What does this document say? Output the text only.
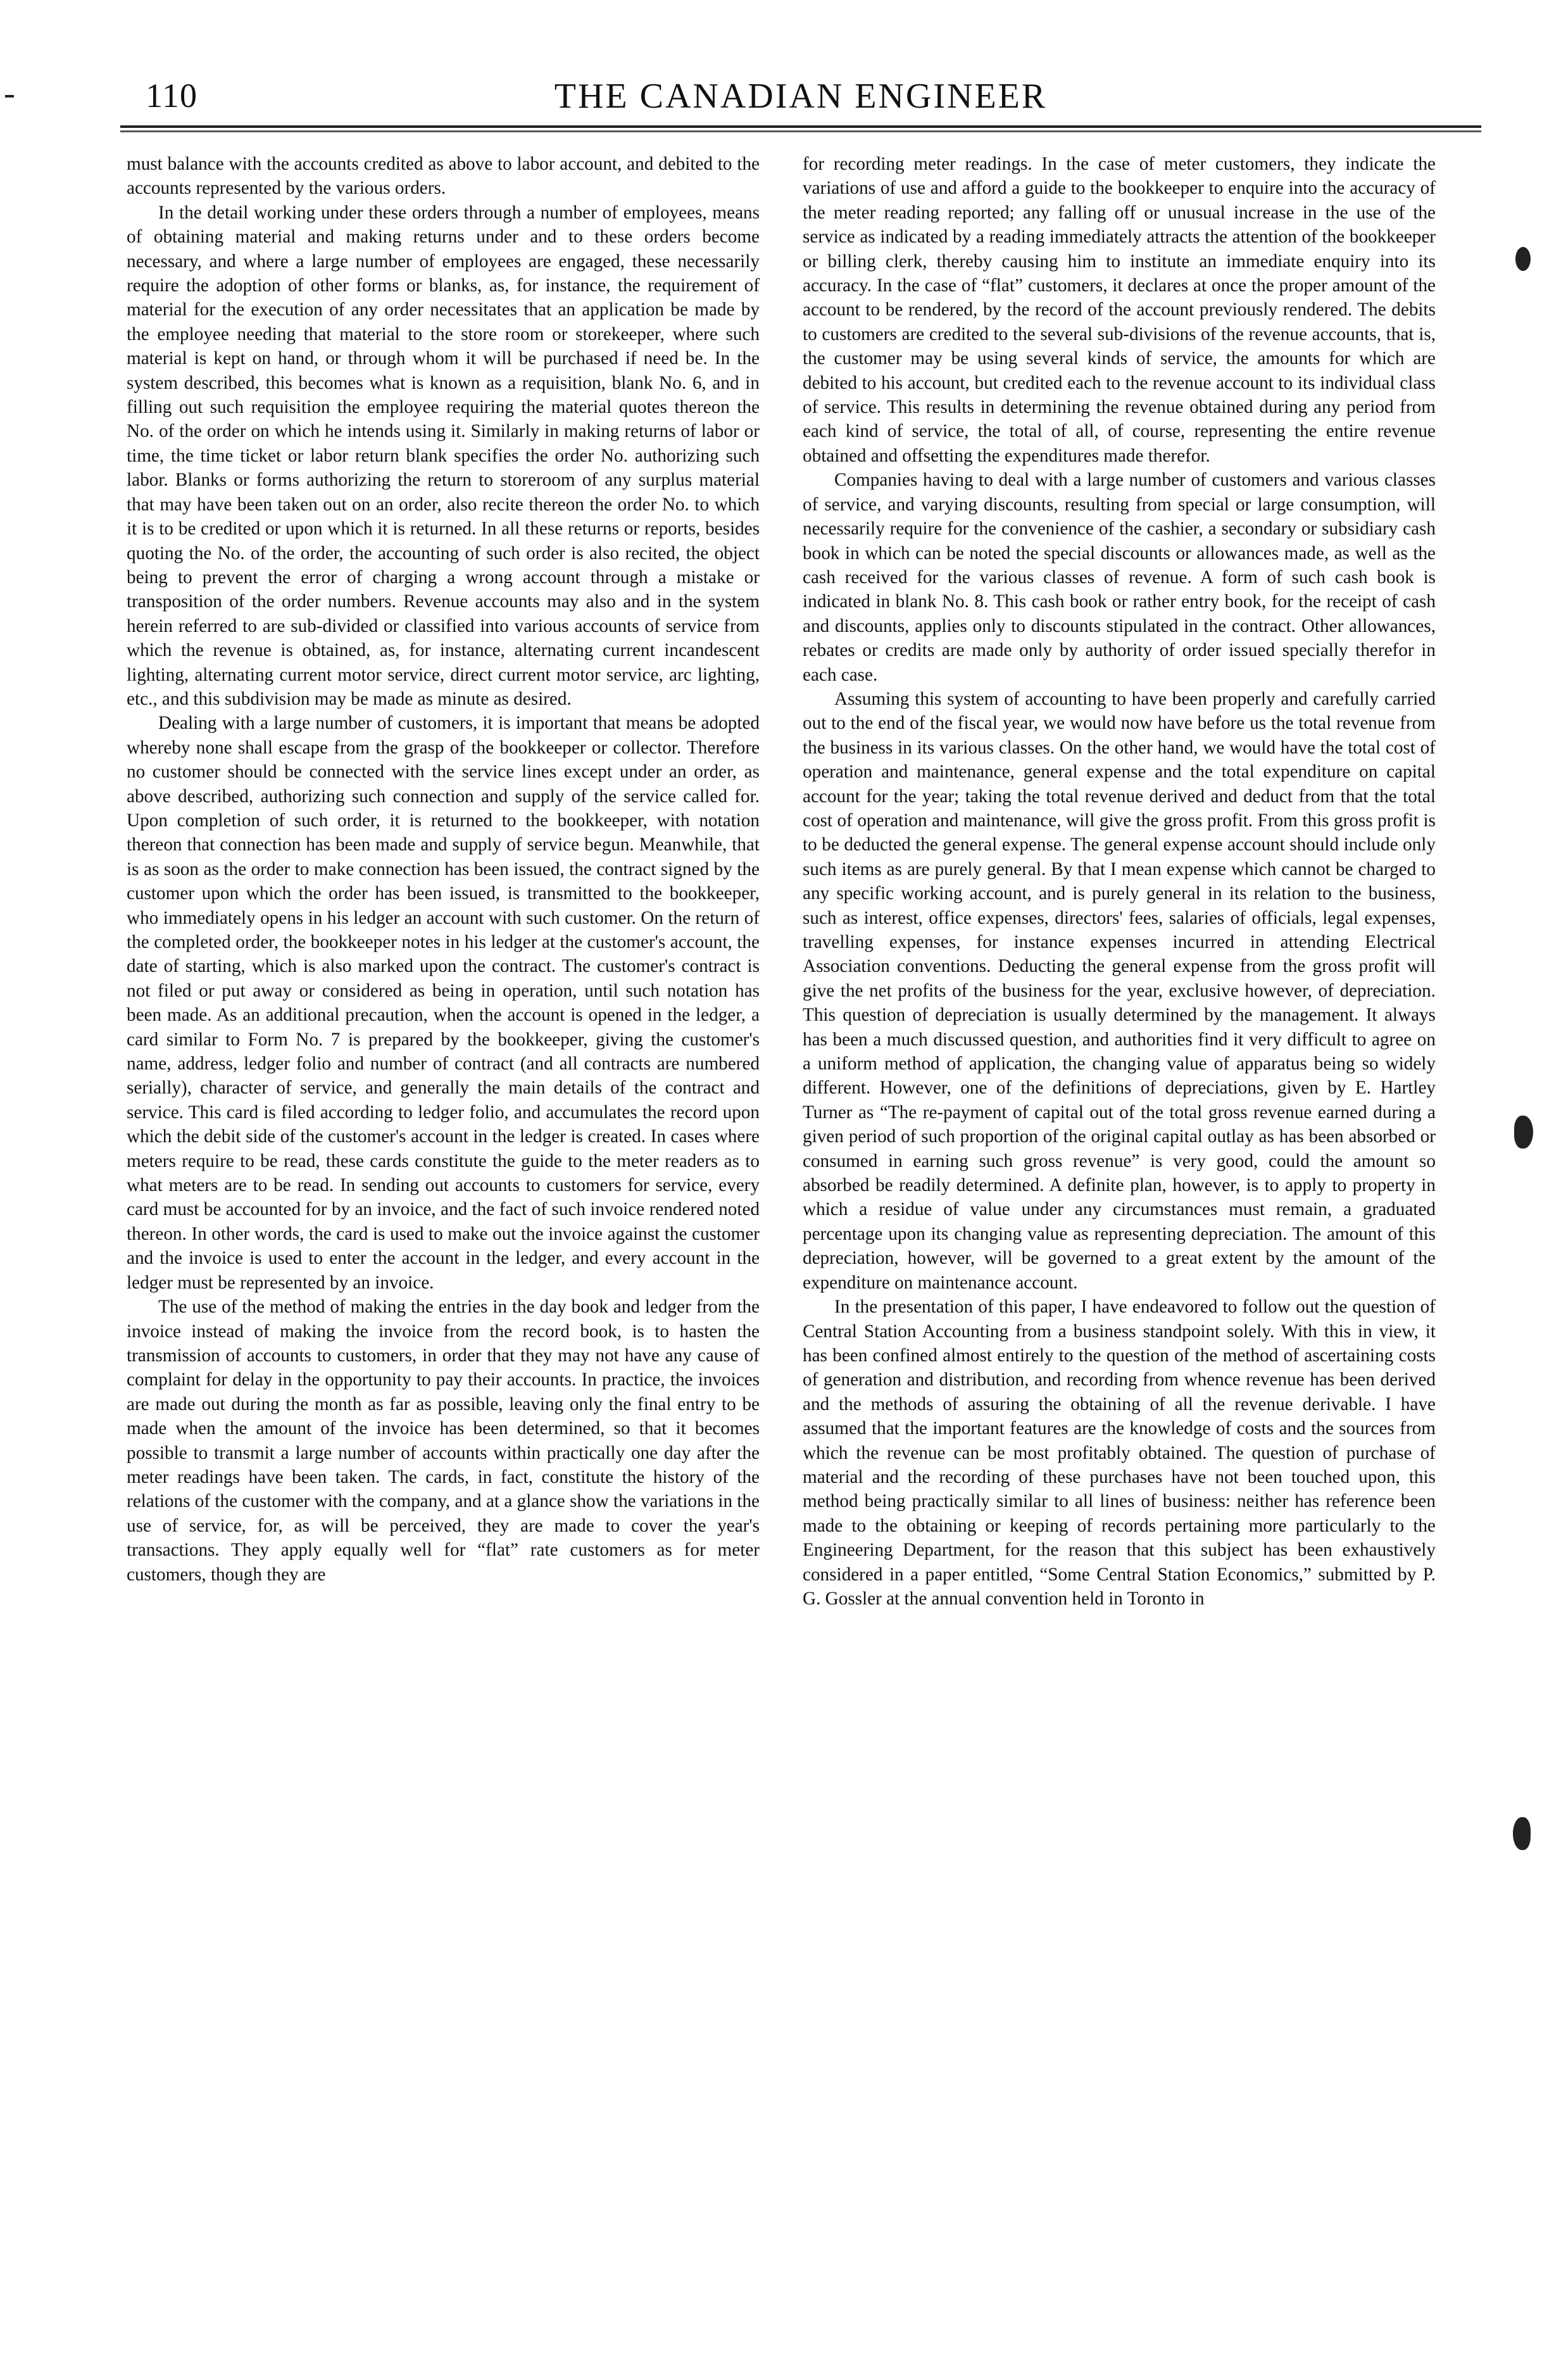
110	THE CANADIAN ENGINEER

must balance with the accounts credited as above to labor account, and debited to the accounts represented by the various orders.

In the detail working under these orders through a number of employees, means of obtaining material and making returns under and to these orders become necessary, and where a large number of employees are engaged, these necessarily require the adoption of other forms or blanks, as, for instance, the requirement of material for the execution of any order necessitates that an application be made by the employee needing that material to the store room or storekeeper, where such material is kept on hand, or through whom it will be purchased if need be. In the system described, this becomes what is known as a requisition, blank No. 6, and in filling out such requisition the employee requiring the material quotes thereon the No. of the order on which he intends using it. Similarly in making returns of labor or time, the time ticket or labor return blank specifies the order No. authorizing such labor. Blanks or forms authorizing the return to storeroom of any surplus material that may have been taken out on an order, also recite thereon the order No. to which it is to be credited or upon which it is returned. In all these returns or reports, besides quoting the No. of the order, the accounting of such order is also recited, the object being to prevent the error of charging a wrong account through a mistake or transposition of the order numbers. Revenue accounts may also and in the system herein referred to are sub-divided or classified into various accounts of service from which the revenue is obtained, as, for instance, alternating current incandescent lighting, alternating current motor service, direct current motor service, arc lighting, etc., and this subdivision may be made as minute as desired.

Dealing with a large number of customers, it is important that means be adopted whereby none shall escape from the grasp of the bookkeeper or collector. Therefore no customer should be connected with the service lines except under an order, as above described, authorizing such connection and supply of the service called for. Upon completion of such order, it is returned to the bookkeeper, with notation thereon that connection has been made and supply of service begun. Meanwhile, that is as soon as the order to make connection has been issued, the contract signed by the customer upon which the order has been issued, is transmitted to the bookkeeper, who immediately opens in his ledger an account with such customer. On the return of the completed order, the bookkeeper notes in his ledger at the customer's account, the date of starting, which is also marked upon the contract. The customer's contract is not filed or put away or considered as being in operation, until such notation has been made. As an additional precaution, when the account is opened in the ledger, a card similar to Form No. 7 is prepared by the bookkeeper, giving the customer's name, address, ledger folio and number of contract (and all contracts are numbered serially), character of service, and generally the main details of the contract and service. This card is filed according to ledger folio, and accumulates the record upon which the debit side of the customer's account in the ledger is created. In cases where meters require to be read, these cards constitute the guide to the meter readers as to what meters are to be read. In sending out accounts to customers for service, every card must be accounted for by an invoice, and the fact of such invoice rendered noted thereon. In other words, the card is used to make out the invoice against the customer and the invoice is used to enter the account in the ledger, and every account in the ledger must be represented by an invoice.

The use of the method of making the entries in the day book and ledger from the invoice instead of making the invoice from the record book, is to hasten the transmission of accounts to customers, in order that they may not have any cause of complaint for delay in the opportunity to pay their accounts. In practice, the invoices are made out during the month as far as possible, leaving only the final entry to be made when the amount of the invoice has been determined, so that it becomes possible to transmit a large number of accounts within practically one day after the meter readings have been taken. The cards, in fact, constitute the history of the relations of the customer with the company, and at a glance show the variations in the use of service, for, as will be perceived, they are made to cover the year's transactions. They apply equally well for “flat” rate customers as for meter customers, though they are

for recording meter readings. In the case of meter customers, they indicate the variations of use and afford a guide to the bookkeeper to enquire into the accuracy of the meter reading reported; any falling off or unusual increase in the use of the service as indicated by a reading immediately attracts the attention of the bookkeeper or billing clerk, thereby causing him to institute an immediate enquiry into its accuracy. In the case of “flat” customers, it declares at once the proper amount of the account to be rendered, by the record of the account previously rendered. The debits to customers are credited to the several sub-divisions of the revenue accounts, that is, the customer may be using several kinds of service, the amounts for which are debited to his account, but credited each to the revenue account to its individual class of service. This results in determining the revenue obtained during any period from each kind of service, the total of all, of course, representing the entire revenue obtained and offsetting the expenditures made therefor.

Companies having to deal with a large number of customers and various classes of service, and varying discounts, resulting from special or large consumption, will necessarily require for the convenience of the cashier, a secondary or subsidiary cash book in which can be noted the special discounts or allowances made, as well as the cash received for the various classes of revenue. A form of such cash book is indicated in blank No. 8. This cash book or rather entry book, for the receipt of cash and discounts, applies only to discounts stipulated in the contract. Other allowances, rebates or credits are made only by authority of order issued specially therefor in each case.

Assuming this system of accounting to have been properly and carefully carried out to the end of the fiscal year, we would now have before us the total revenue from the business in its various classes. On the other hand, we would have the total cost of operation and maintenance, general expense and the total expenditure on capital account for the year; taking the total revenue derived and deduct from that the total cost of operation and maintenance, will give the gross profit. From this gross profit is to be deducted the general expense. The general expense account should include only such items as are purely general. By that I mean expense which cannot be charged to any specific working account, and is purely general in its relation to the business, such as interest, office expenses, directors' fees, salaries of officials, legal expenses, travelling expenses, for instance expenses incurred in attending Electrical Association conventions. Deducting the general expense from the gross profit will give the net profits of the business for the year, exclusive however, of depreciation. This question of depreciation is usually determined by the management. It always has been a much discussed question, and authorities find it very difficult to agree on a uniform method of application, the changing value of apparatus being so widely different. However, one of the definitions of depreciations, given by E. Hartley Turner as “The re-payment of capital out of the total gross revenue earned during a given period of such proportion of the original capital outlay as has been absorbed or consumed in earning such gross revenue” is very good, could the amount so absorbed be readily determined. A definite plan, however, is to apply to property in which a residue of value under any circumstances must remain, a graduated percentage upon its changing value as representing depreciation. The amount of this depreciation, however, will be governed to a great extent by the amount of the expenditure on maintenance account.

In the presentation of this paper, I have endeavored to follow out the question of Central Station Accounting from a business standpoint solely. With this in view, it has been confined almost entirely to the question of the method of ascertaining costs of generation and distribution, and recording from whence revenue has been derived and the methods of assuring the obtaining of all the revenue derivable. I have assumed that the important features are the knowledge of costs and the sources from which the revenue can be most profitably obtained. The question of purchase of material and the recording of these purchases have not been touched upon, this method being practically similar to all lines of business: neither has reference been made to the obtaining or keeping of records pertaining more particularly to the Engineering Department, for the reason that this subject has been exhaustively considered in a paper entitled, “Some Central Station Economics,” submitted by P. G. Gossler at the annual convention held in Toronto in
